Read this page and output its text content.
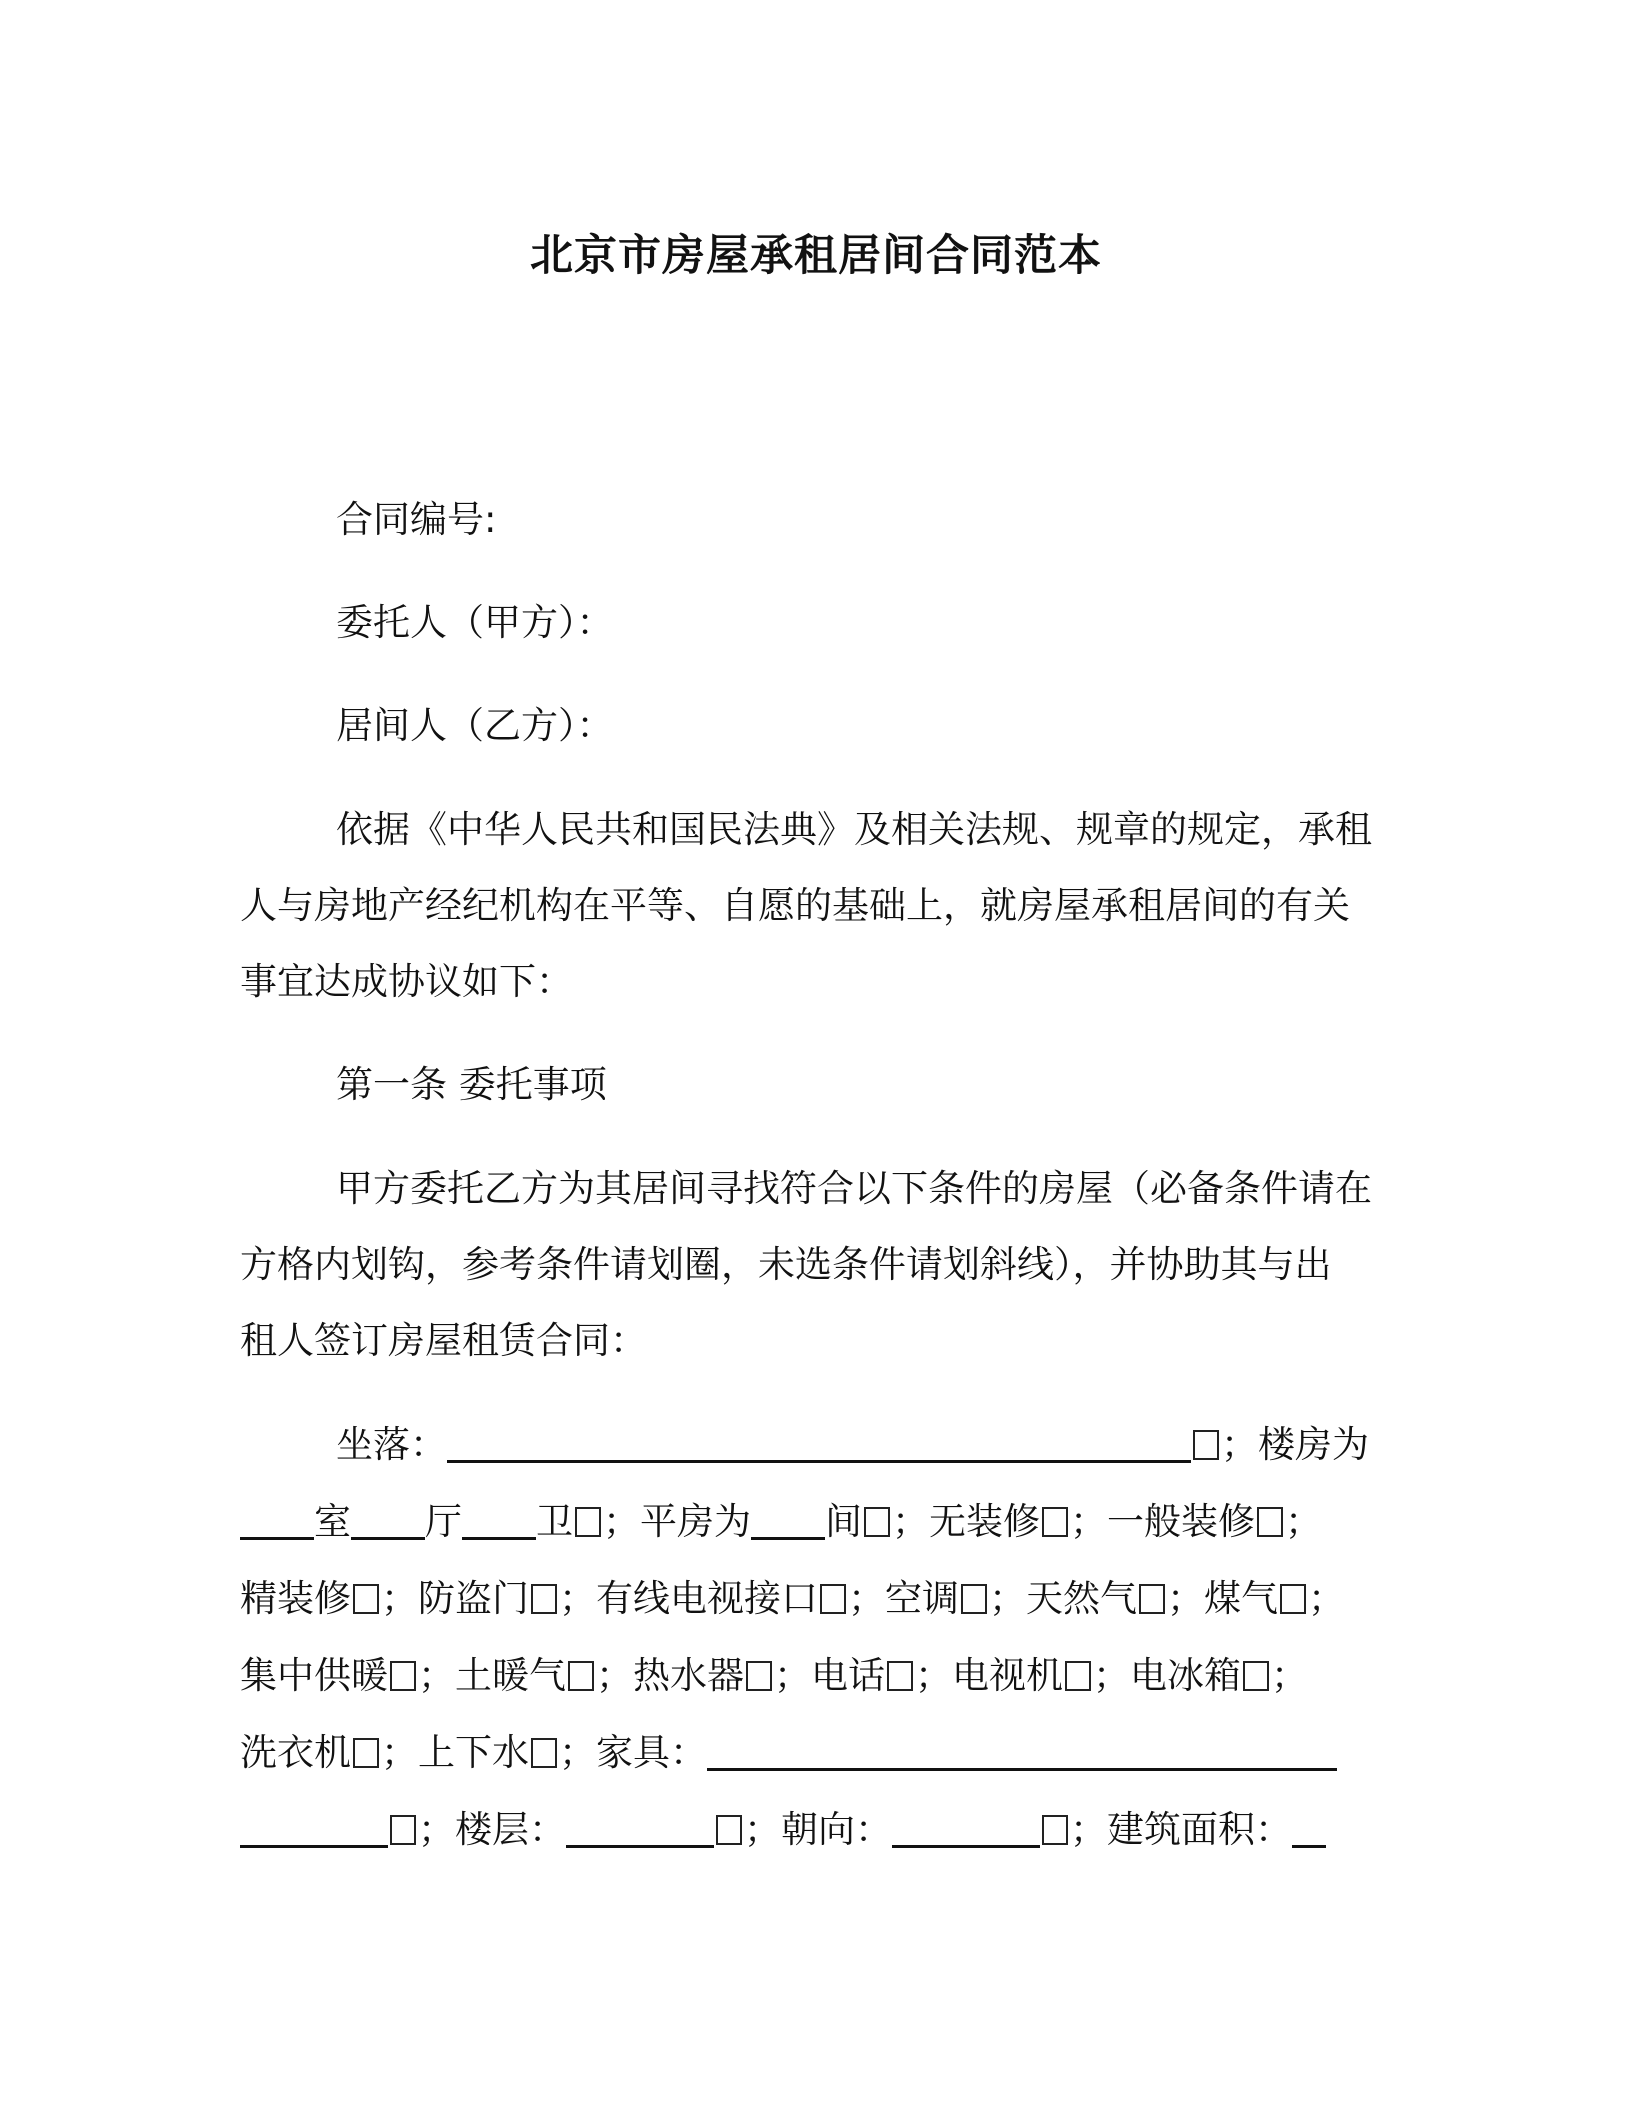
北京市房屋承租居间合同范本
合同编号:
委托人（甲方）：
居间人（乙方）：
依据《中华人民共和国民法典》及相关法规、规章的规定，承租
人与房地产经纪机构在平等、自愿的基础上，就房屋承租居间的有关
事宜达成协议如下：
第一条 委托事项
甲方委托乙方为其居间寻找符合以下条件的房屋（必备条件请在
方格内划钩，参考条件请划圈，未选条件请划斜线），并协助其与出
租人签订房屋租赁合同：
坐落：	；楼房为
室 厅 卫 ；平房为 间 ；无装修 ；一般装修 ；
精装修 ；防盗门 ；有线电视接口 ；空调 ；天然气 ；煤气 ；
集中供暖 ；土暖气 ；热水器 ；电话 ；电视机 ；电冰箱 ；
洗衣机 ；上下水 ；家具：
；楼层：	；朝向：	；建筑面积：
